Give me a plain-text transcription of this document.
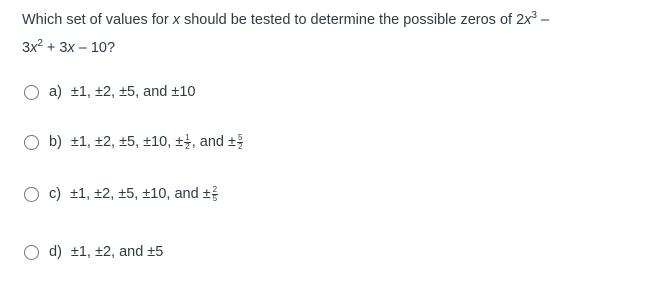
Which set of values for x should be tested to determine the possible zeros of $2x^3$ –
$3x^2 + 3x - 10$?
a) ±1, ±2, ±5, and ±10
b) ±1, ±2, ±5, ±10, ± $\frac{1}{2}$ , and ± $\frac{5}{2}$
c) ±1, ±2, ±5, ±10, and ± $\frac{2}{5}$
d) ±1, ±2, and ±5
